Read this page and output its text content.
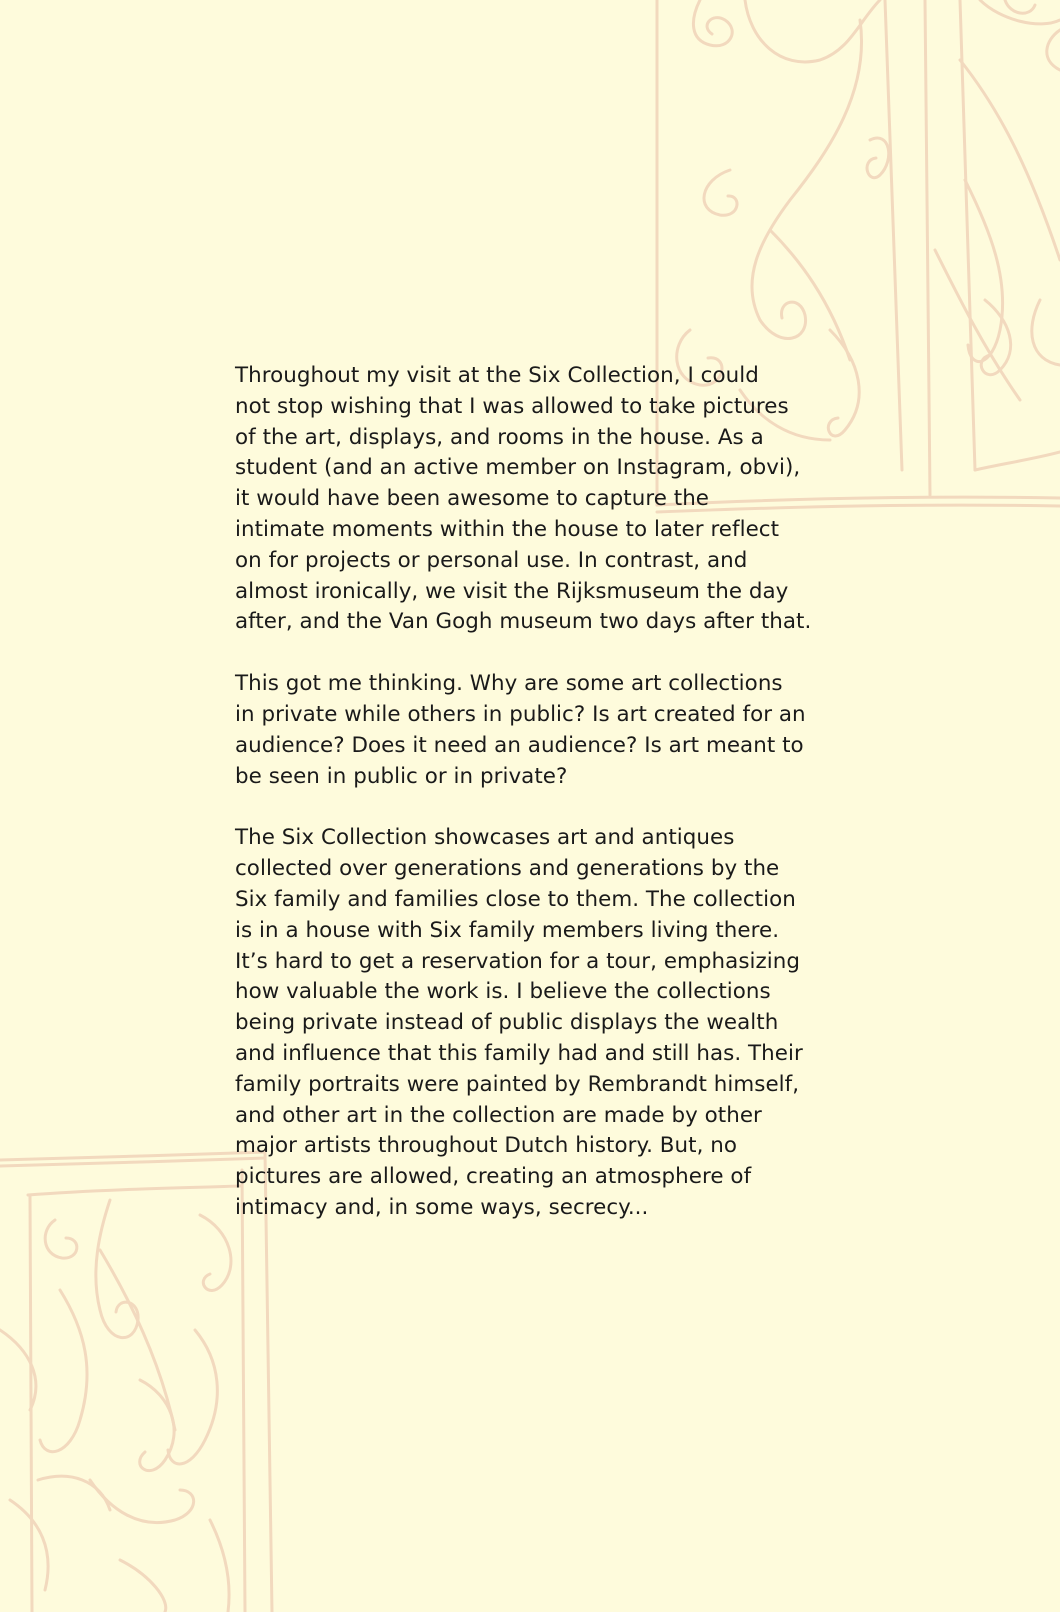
Throughout my visit at the Six Collection, I could
not stop wishing that I was allowed to take pictures
of the art, displays, and rooms in the house. As a
student (and an active member on Instagram, obvi),
it would have been awesome to capture the
intimate moments within the house to later reflect
on for projects or personal use. In contrast, and
almost ironically, we visit the Rijksmuseum the day
after, and the Van Gogh museum two days after that.

This got me thinking. Why are some art collections
in private while others in public? Is art created for an
audience? Does it need an audience? Is art meant to
be seen in public or in private?

The Six Collection showcases art and antiques
collected over generations and generations by the
Six family and families close to them. The collection
is in a house with Six family members living there.
It’s hard to get a reservation for a tour, emphasizing
how valuable the work is. I believe the collections
being private instead of public displays the wealth
and influence that this family had and still has. Their
family portraits were painted by Rembrandt himself,
and other art in the collection are made by other
major artists throughout Dutch history. But, no
pictures are allowed, creating an atmosphere of
intimacy and, in some ways, secrecy...
